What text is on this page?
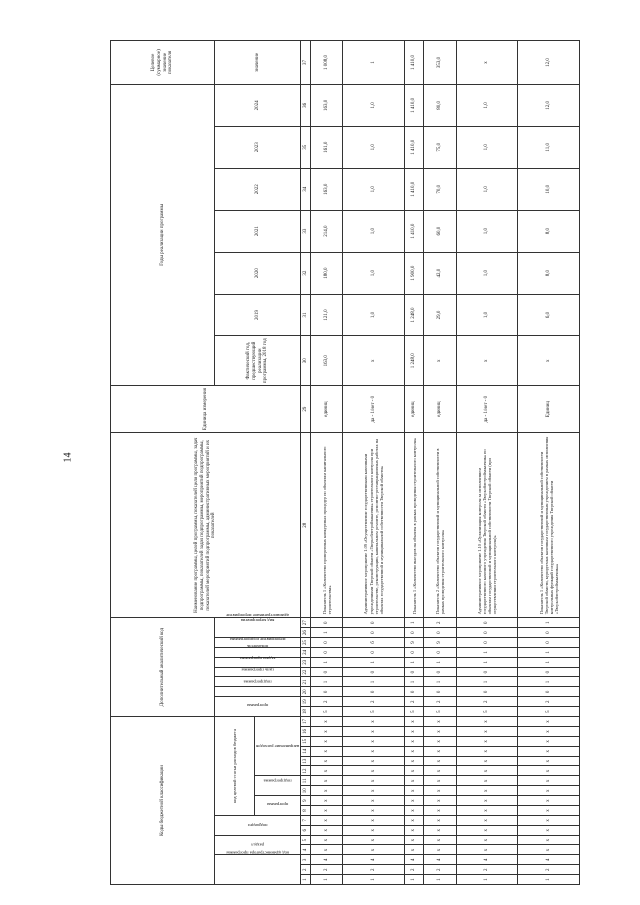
14
Коды бюджетной классификации																	Дополнительный аналитический код										Наименование программы, целей программы, показателей цели программы, задач подпрограммы, показателей задач подпрограммы, мероприятий подпрограммы, показателей мероприятий подпрограммы, административных мероприятий и их показателей	Единица измерения	Годы реализации программы							Целевое (суммарное) значение показателя
код администратора программы			раздел		подраздел		код целевой статьи расходов бюджета										программа		подпрограмма	цель программы	задача программы	мероприятие подпрограммы	показатель	административное мероприятие	вид мероприятия				Фактический год, предшествующий реализации программы, 2018 год	2019	2020	2021	2022	2023	2024	значение
							программа		подпрограмма		направление расходов																									
1	2	3	4	5	6	7	8	9	10	11	12	13	14	15	16	17	18	19	20	21	22	23	24	25	26	27	28	29	30	31	32	33	34	35	36	37
1	2	4	х	х	х	х	х	х	х	х	х	х	х	х	х	х	5	2	0	1	0	1	0	0	1	0	Показатель 1 «Количество проверенных конкурсных процедур по объектам капитального строительства»	единиц	163,0	121,0	180,0	214,0	163,0	161,0	163,0	1 008,0
1	2	4	х	х	х	х	х	х	х	х	х	х	х	х	х	х	5	2	0	1	0	1	0	б	0	0	Административное мероприятие 1.09 «Осуществление государственными казенными учреждениями Тверской области «Тверьоблстройзаказчик» строительного контроля при строительстве, реконструкции, капитальном ремонте, ремонтно-реставрационных работах на объектах государственной и муниципальной собственности Тверской области»	да - 1/нет - 0	х	1,0	1,0	1,0	1,0	1,0	1,0	1
1	2	4	х	х	х	х	х	х	х	х	х	х	х	х	х	х	5	2	0	1	0	1	0	9	0	1	Показатель 1 «Количество выездов на объекты в рамках проведения строительного контроля»	единиц	1 248,0	1 248,0	1 900,0	1 410,0	1 410,0	1 410,0	1 410,0	1 410,0
1	2	4	х	х	х	х	х	х	х	х	х	х	х	х	х	х	5	2	0	1	0	1	0	9	0	2	Показатель 2 «Количество объектов государственной и муниципальной собственности в рамках проведения строительного контроля»	единиц	х	29,0	42,0	60,0	70,0	75,0	80,0	353,0
1	2	4	х	х	х	х	х	х	х	х	х	х	х	х	х	х	5	2	0	1	0	1	1	0	0	0	Административное мероприятие 1.10 «Организация контроля за исполнением государственного казенного учреждения Тверской области «Тверьоблстройзаказчик» по объектам государственной и муниципальной собственности Тверской области (при осуществлении строительного контроля)»	да - 1/нет - 0	х	1,0	1,0	1,0	1,0	1,0	1,0	х
1	2	4	х	х	х	х	х	х	х	х	х	х	х	х	х	х	5	2	0	1	0	1	1	0	0	1	Показатель 1 «Количество объектов государственной и муниципальной собственности Тверской области, курируемых казенным государственным учреждением в рамках исполнения контрольных функций государственного учреждения Тверской области «Тверьоблстройзаказчик»»	Единиц	х	6,0	8,0	8,0	10,0	11,0	12,0	12,0
